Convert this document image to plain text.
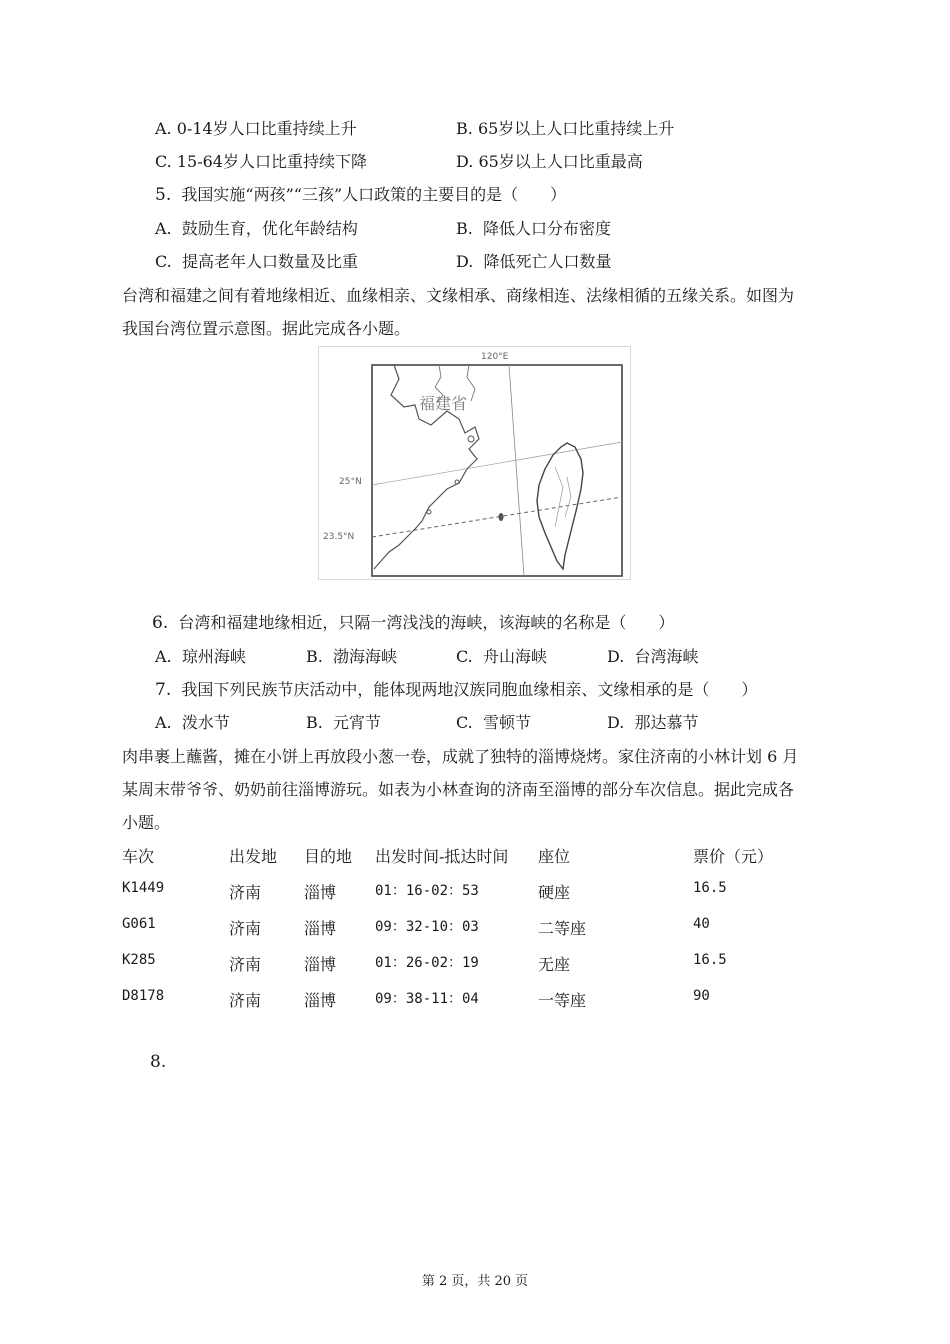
A. 0-14岁人口比重持续上升	B. 65岁以上人口比重持续上升
C. 15-64岁人口比重持续下降	D. 65岁以上人口比重最高
5. 我国实施“两孩”“三孩”人口政策的主要目的是（　　）
A. 鼓励生育，优化年龄结构	B. 降低人口分布密度
C. 提高老年人口数量及比重	D. 降低死亡人口数量
台湾和福建之间有着地缘相近、血缘相亲、文缘相承、商缘相连、法缘相循的五缘关系。如图为
我国台湾位置示意图。据此完成各小题。
福建省
120°E
25°N
23.5°N
6. 台湾和福建地缘相近，只隔一湾浅浅的海峡，该海峡的名称是（　　）
A. 琼州海峡	B. 渤海海峡	C. 舟山海峡	D. 台湾海峡
7. 我国下列民族节庆活动中，能体现两地汉族同胞血缘相亲、文缘相承的是（　　）
A. 泼水节	B. 元宵节	C. 雪顿节	D. 那达慕节
肉串裹上蘸酱，摊在小饼上再放段小葱一卷，成就了独特的淄博烧烤。家住济南的小林计划 6 月
某周末带爷爷、奶奶前往淄博游玩。如表为小林查询的济南至淄博的部分车次信息。据此完成各
小题。
车次	出发地 目的地 出发时间-抵达时间 座位	票价（元）
K1449	济南	淄博	01：16-02：53	硬座	16.5
G061	济南	淄博	09：32-10：03	二等座	40
K285	济南	淄博	01：26-02：19	无座	16.5
D8178	济南	淄博	09：38-11：04	一等座	90
8.
第 2 页，共 20 页
